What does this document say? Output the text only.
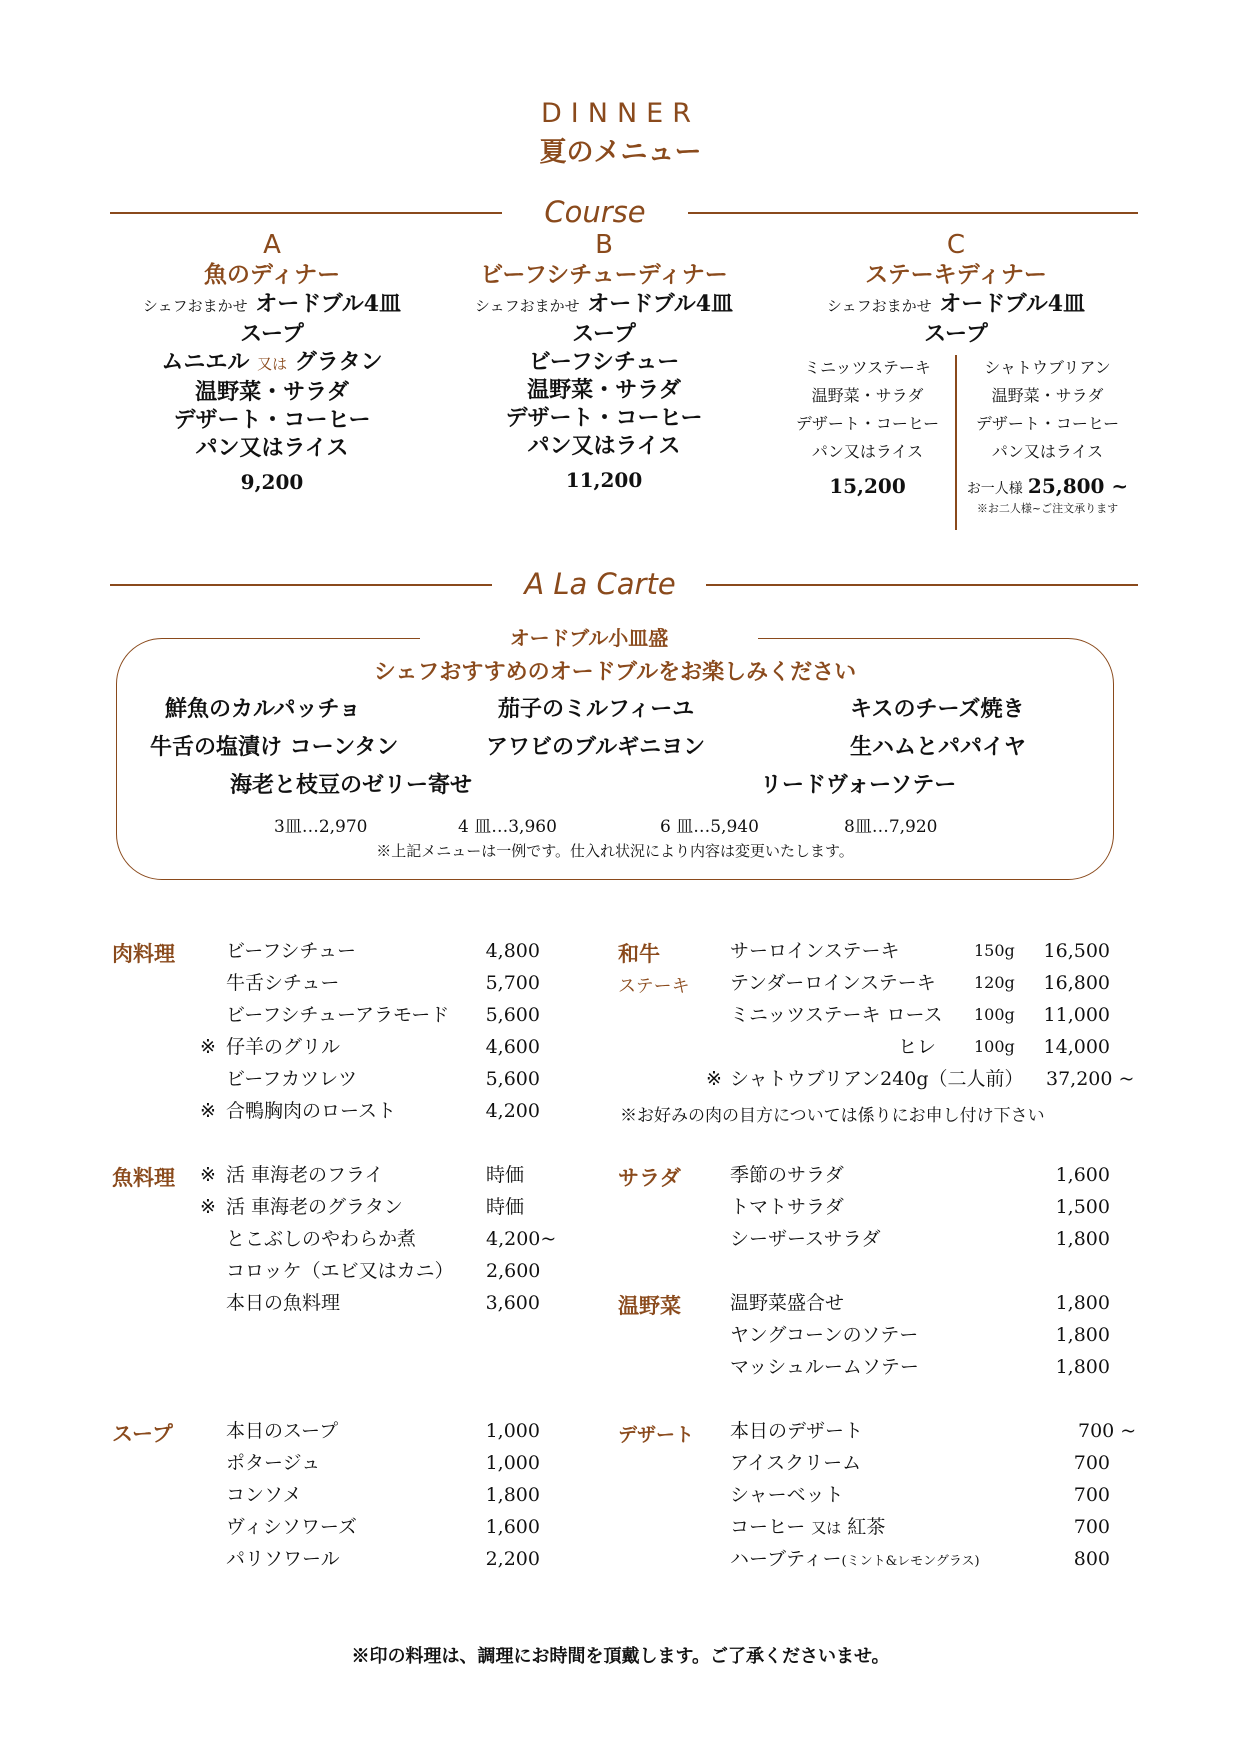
DINNER
夏のメニュー
Course
A
魚のディナー
シェフおまかせ オードブル4皿
スープ
ムニエル 又は グラタン
温野菜・サラダ
デザート・コーヒー
パン又はライス
9,200
B
ビーフシチューディナー
シェフおまかせ オードブル4皿
スープ
ビーフシチュー
温野菜・サラダ
デザート・コーヒー
パン又はライス
11,200
C
ステーキディナー
シェフおまかせ オードブル4皿
スープ
ミニッツステーキ
温野菜・サラダ
デザート・コーヒー
パン又はライス
15,200
シャトウブリアン
温野菜・サラダ
デザート・コーヒー
パン又はライス
お一人様 25,800 ~
※お二人様~ご注文承ります
A La Carte
オードブル小皿盛
シェフおすすめのオードブルをお楽しみください
鮮魚のカルパッチョ	茄子のミルフィーユ	キスのチーズ焼き
牛舌の塩漬け コーンタン	アワビのブルギニヨン	生ハムとパパイヤ
海老と枝豆のゼリー寄せ	リードヴォーソテー
3皿…2,970	4 皿…3,960	6 皿…5,940	8皿…7,920
※上記メニューは一例です。仕入れ状況により内容は変更いたします。
肉料理	ビーフシチュー	4,800
牛舌シチュー	5,700
ビーフシチューアラモード	5,600
※ 仔羊のグリル	4,600
ビーフカツレツ	5,600
※ 合鴨胸肉のロースト	4,200
魚料理 ※ 活 車海老のフライ	時価
※ 活 車海老のグラタン	時価
とこぶしのやわらか煮	4,200~
コロッケ（エビ又はカニ） 2,600
本日の魚料理	3,600
スープ	本日のスープ	1,000
ポタージュ	1,000
コンソメ	1,800
ヴィシソワーズ	1,600
パリソワール	2,200
和牛
ステーキ
サーロインステーキ	150g	16,500
テンダーロインステーキ 120g	16,800
ミニッツステーキ ロース 100g	11,000
ヒレ 100g	14,000
※ シャトウブリアン240g（二人前） 37,200 ~
※お好みの肉の目方については係りにお申し付け下さい
サラダ	季節のサラダ	1,600
トマトサラダ	1,500
シーザースサラダ	1,800
温野菜	温野菜盛合せ	1,800
ヤングコーンのソテー	1,800
マッシュルームソテー	1,800
デザート 本日のデザート	700 ~
アイスクリーム	700
シャーベット	700
コーヒー 又は 紅茶	700
ハーブティー(ミント&レモングラス)	800
※印の料理は、調理にお時間を頂戴します。ご了承くださいませ。
